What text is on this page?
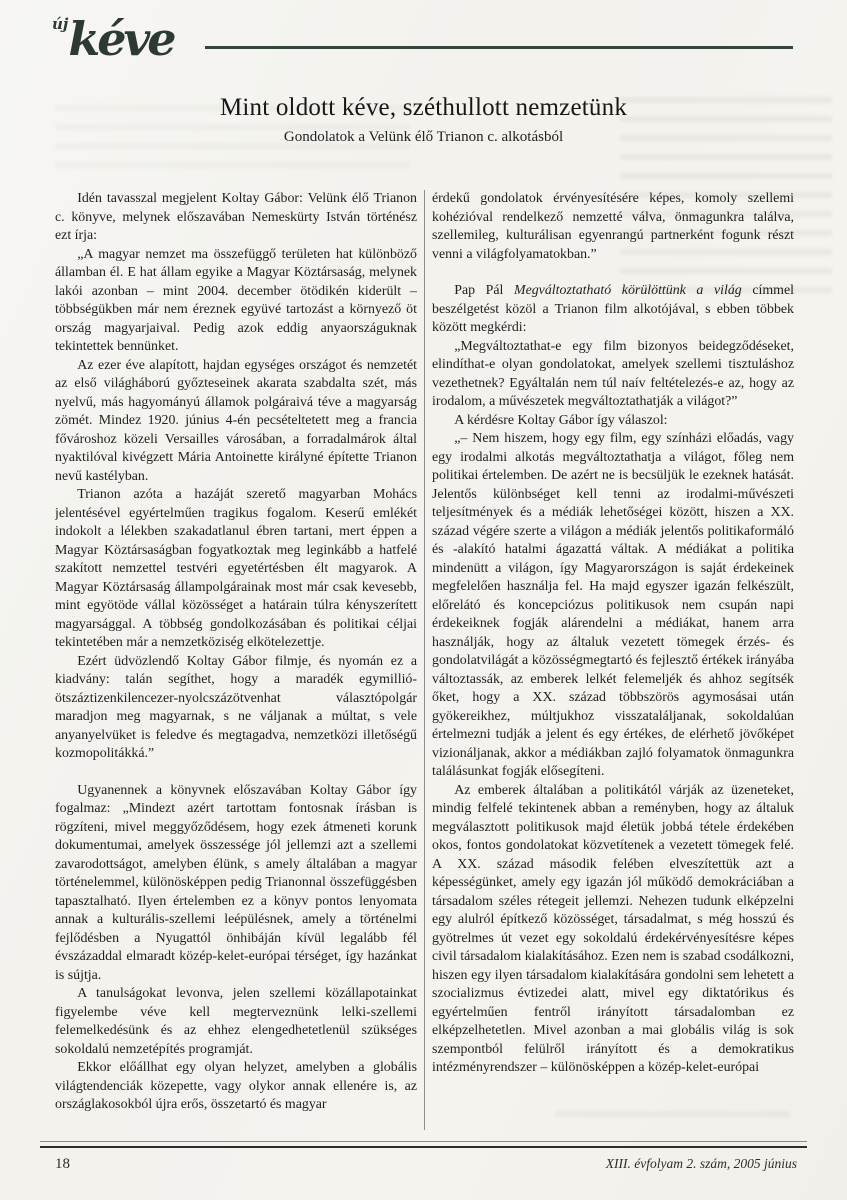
újkéve
Mint oldott kéve, széthullott nemzetünk
Gondolatok a Velünk élő Trianon c. alkotásból

Idén tavasszal megjelent Koltay Gábor: Velünk élő Trianon c. könyve, melynek előszavában Nemeskürty István történész ezt írja:

„A magyar nemzet ma összefüggő területen hat különböző államban él. E hat állam egyike a Magyar Köztársaság, melynek lakói azonban – mint 2004. december ötödikén kiderült – többségükben már nem éreznek együvé tartozást a környező öt ország magyarjaival. Pedig azok eddig anyaországuknak tekintettek bennünket.

Az ezer éve alapított, hajdan egységes országot és nemzetét az első világháború győzteseinek akarata szabdalta szét, más nyelvű, más hagyományú államok polgáraivá téve a magyarság zömét. Mindez 1920. június 4-én pecsételtetett meg a francia fővároshoz közeli Versailles városában, a forradalmárok által nyaktilóval kivégzett Mária Antoinette királyné építette Trianon nevű kastélyban.

Trianon azóta a hazáját szerető magyarban Mohács jelentésével egyértelműen tragikus fogalom. Keserű emlékét indokolt a lélekben szakadatlanul ébren tartani, mert éppen a Magyar Köztársaságban fogyatkoztak meg leginkább a hatfelé szakított nemzettel testvéri egyetértésben élt magyarok. A Magyar Köztársaság állampolgárainak most már csak kevesebb, mint egyötöde vállal közösséget a határain túlra kényszerített magyarsággal. A többség gondolkozásában és politikai céljai tekintetében már a nemzetköziség elkötelezettje.

Ezért üdvözlendő Koltay Gábor filmje, és nyomán ez a kiadvány: talán segíthet, hogy a maradék egymillió-ötszáztizenkilencezer-nyolcszázötvenhat választópolgár maradjon meg magyarnak, s ne váljanak a múltat, s vele anyanyelvüket is feledve és megtagadva, nemzetközi illetőségű kozmopolitákká.”

Ugyanennek a könyvnek előszavában Koltay Gábor így fogalmaz: „Mindezt azért tartottam fontosnak írásban is rögzíteni, mivel meggyőződésem, hogy ezek átmeneti korunk dokumentumai, amelyek összessége jól jellemzi azt a szellemi zavarodottságot, amelyben élünk, s amely általában a magyar történelemmel, különösképpen pedig Trianonnal összefüggésben tapasztalható. Ilyen értelemben ez a könyv pontos lenyomata annak a kulturális-szellemi leépülésnek, amely a történelmi fejlődésben a Nyugattól önhibáján kívül legalább fél évszázaddal elmaradt közép-kelet-európai térséget, így hazánkat is sújtja.

A tanulságokat levonva, jelen szellemi közállapotainkat figyelembe véve kell megterveznünk lelki-szellemi felemelkedésünk és az ehhez elengedhetetlenül szükséges sokoldalú nemzetépítés programját.

Ekkor előállhat egy olyan helyzet, amelyben a globális világtendenciák közepette, vagy olykor annak ellenére is, az országlakosokból újra erős, összetartó és magyar

érdekű gondolatok érvényesítésére képes, komoly szellemi kohézióval rendelkező nemzetté válva, önmagunkra találva, szellemileg, kulturálisan egyenrangú partnerként fogunk részt venni a világfolyamatokban.”

Pap Pál Megváltoztatható körülöttünk a világ címmel beszélgetést közöl a Trianon film alkotójával, s ebben többek között megkérdi:

„Megváltoztathat-e egy film bizonyos beidegződéseket, elindíthat-e olyan gondolatokat, amelyek szellemi tisztuláshoz vezethetnek? Egyáltalán nem túl naív feltételezés-e az, hogy az irodalom, a művészetek megváltoztathatják a világot?”

A kérdésre Koltay Gábor így válaszol:

„– Nem hiszem, hogy egy film, egy színházi előadás, vagy egy irodalmi alkotás megváltoztathatja a világot, főleg nem politikai értelemben. De azért ne is becsüljük le ezeknek hatását. Jelentős különbséget kell tenni az irodalmi-művészeti teljesítmények és a médiák lehetőségei között, hiszen a XX. század végére szerte a világon a médiák jelentős politikaformáló és -alakító hatalmi ágazattá váltak. A médiákat a politika mindenütt a világon, így Magyarországon is saját érdekeinek megfelelően használja fel. Ha majd egyszer igazán felkészült, előrelátó és koncepciózus politikusok nem csupán napi érdekeiknek fogják alárendelni a médiákat, hanem arra használják, hogy az általuk vezetett tömegek érzés- és gondolatvilágát a közösségmegtartó és fejlesztő értékek irányába változtassák, az emberek lelkét felemeljék és ahhoz segítsék őket, hogy a XX. század többszörös agymosásai után gyökereikhez, múltjukhoz visszataláljanak, sokoldalúan értelmezni tudják a jelent és egy értékes, de elérhető jövőképet vizionáljanak, akkor a médiákban zajló folyamatok önmagunkra találásunkat fogják elősegíteni.

Az emberek általában a politikától várják az üzeneteket, mindig felfelé tekintenek abban a reményben, hogy az általuk megválasztott politikusok majd életük jobbá tétele érdekében okos, fontos gondolatokat közvetítenek a vezetett tömegek felé. A XX. század második felében elveszítettük azt a képességünket, amely egy igazán jól működő demokráciában a társadalom széles rétegeit jellemzi. Nehezen tudunk elképzelni egy alulról építkező közösséget, társadalmat, s még hosszú és gyötrelmes út vezet egy sokoldalú érdekérvényesítésre képes civil társadalom kialakításához. Ezen nem is szabad csodálkozni, hiszen egy ilyen társadalom kialakítására gondolni sem lehetett a szocializmus évtizedei alatt, mivel egy diktatórikus és egyértelműen fentről irányított társadalomban ez elképzelhetetlen. Mivel azonban a mai globális világ is sok szempontból felülről irányított és a demokratikus intézményrendszer – különösképpen a közép-kelet-európai

18	XIII. évfolyam 2. szám, 2005 június
